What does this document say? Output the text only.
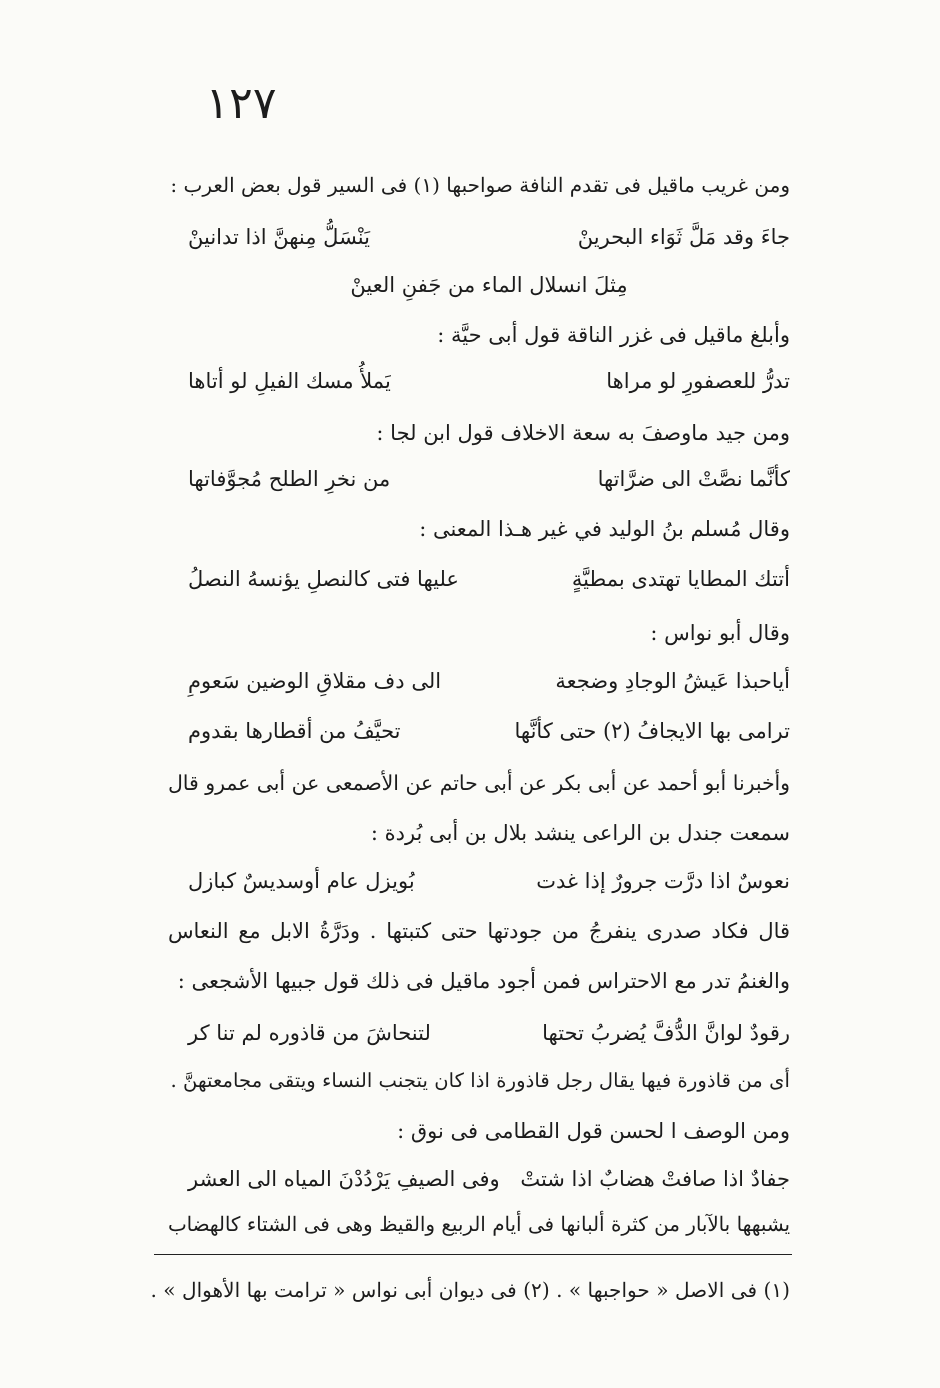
١٢٧
ومن غريب ماقيل فى تقدم النافة صواحبها (١) فى السير قول بعض العرب :
جاءَ وقد مَلَّ ثَوَاء البحرينْ
يَنْسَلُّ مِنهنَّ اذا تدانينْ
مِثلَ انسلال الماء من جَفنِ العينْ
وأبلغ ماقيل فى غزر الناقة قول أبى حيَّة :
تدرُّ للعصفورِ لو مراها
يَملأُ مسك الفيلِ لو أتاها
ومن جيد ماوصفَ به سعة الاخلاف قول ابن لجا :
كأنَّما نصَّتْ الى ضرَّاتها
من نخرِ الطلح مُجوَّفاتها
وقال مُسلم بنُ الوليد في غير هـذا المعنى :
أتتك المطايا تهتدى بمطيَّةٍ
عليها فتى كالنصلِ يؤنسهُ النصلُ
وقال أبو نواس :
أياحبذا عَيشُ الوجادِ وضجعة
الى دف مقلاقِ الوضين سَعومِ
ترامى بها الايجافُ (٢) حتى كأنَّها
تحيَّفُ من أقطارها بقدوم
وأخبرنا أبو أحمد عن أبى بكر عن أبى حاتم عن الأصمعى عن أبى عمرو قال
سمعت جندل بن الراعى ينشد بلال بن أبى بُردة :
نعوسٌ اذا درَّت جرورٌ إذا غدت
بُويزل عام أوسديسٌ كبازل
قال فكاد صدرى ينفرجُ من جودتها حتى كتبتها . ودَرَّةُ الابل مع النعاس
والغنمُ تدر مع الاحتراس فمن أجود ماقيل فى ذلك قول جبيها الأشجعى :
رقودٌ لوانَّ الدُّفَّ يُضربُ تحتها
لتنحاشَ من قاذوره لم تنا كر
أى من قاذورة فيها يقال رجل قاذورة اذا كان يتجنب النساء ويتقى مجامعتهنَّ .
ومن الوصف ا لحسن قول القطامى فى نوق :
جفادٌ اذا صافتْ هضابٌ اذا شتتْ
وفى الصيفِ يَرْدُدْنَ المياه الى العشر
يشبهها بالآبار من كثرة ألبانها فى أيام الربيع والقيظ وهى فى الشتاء كالهضاب
(١) فى الاصل « حواجبها » . (٢) فى ديوان أبى نواس « ترامت بها الأهوال » .
